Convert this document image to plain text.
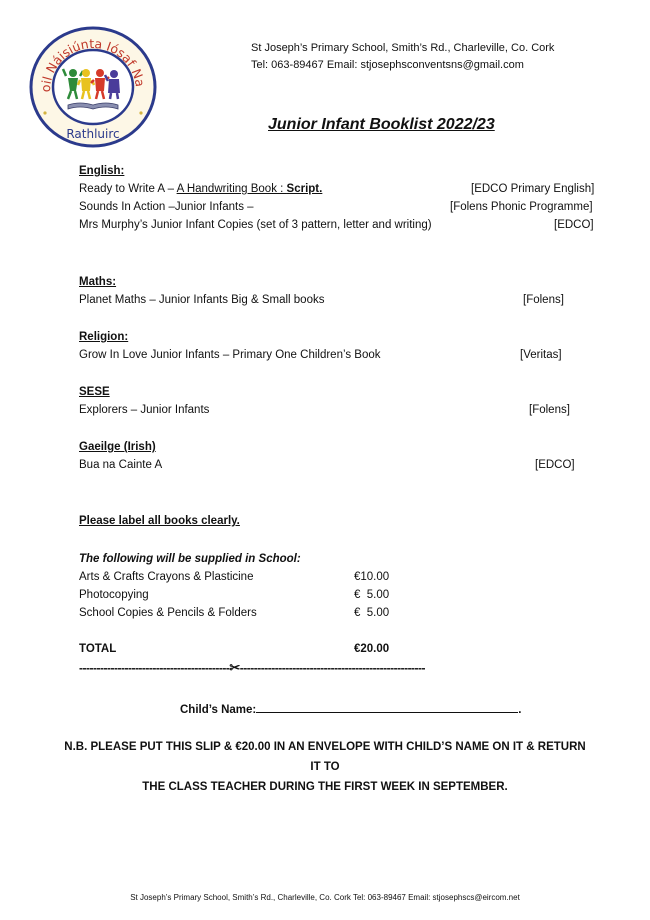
oil Náisiúnta Iósaf Na
Rathluirc
St Joseph’s Primary School, Smith’s Rd., Charleville, Co. Cork
Tel: 063-89467 Email: stjosephsconventsns@gmail.com
Junior Infant Booklist 2022/23
English:
Ready to Write A – A Handwriting Book : Script.	[EDCO Primary English]
Sounds In Action –Junior Infants –	[Folens Phonic Programme]
Mrs Murphy’s Junior Infant Copies (set of 3 pattern, letter and writing)	[EDCO]
Maths:
Planet Maths – Junior Infants Big & Small books	[Folens]
Religion:
Grow In Love Junior Infants – Primary One Children’s Book	[Veritas]
SESE
Explorers – Junior Infants	[Folens]
Gaeilge (Irish)
Bua na Cainte A	[EDCO]
Please label all books clearly.
The following will be supplied in School:
Arts & Crafts Crayons & Plasticine	€10.00
Photocopying	€  5.00
School Copies & Pencils & Folders	€  5.00
TOTAL	€20.00
-------------------------------------------✂-----------------------------------------------------
Child’s Name:	.
N.B. PLEASE PUT THIS SLIP & €20.00 IN AN ENVELOPE WITH CHILD’S NAME ON IT & RETURN IT TO
THE CLASS TEACHER DURING THE FIRST WEEK IN SEPTEMBER.
St Joseph’s Primary School, Smith’s Rd., Charleville, Co. Cork Tel: 063-89467 Email: stjosephscs@eircom.net
